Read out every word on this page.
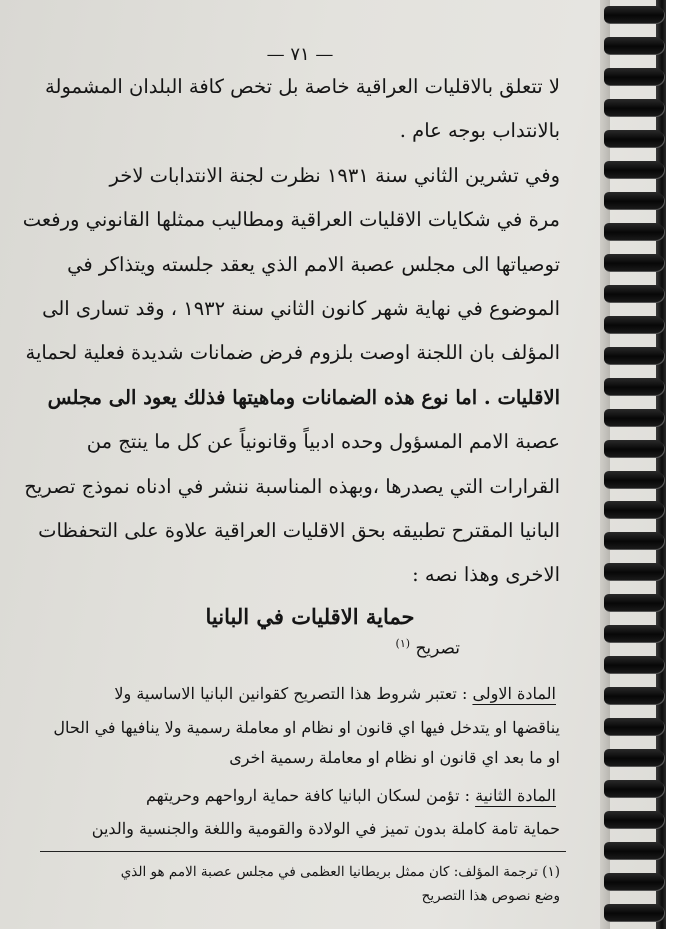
— ٧١ —
لا تتعلق بالاقليات العراقية خاصة بل تخص كافة البلدان المشمولة
بالانتداب بوجه عام .
وفي تشرين الثاني سنة ١٩٣١ نظرت لجنة الانتدابات لاخر
مرة في شكايات الاقليات العراقية ومطاليب ممثلها القانوني ورفعت
توصياتها الى مجلس عصبة الامم الذي يعقد جلسته ويتذاكر في
الموضوع في نهاية شهر كانون الثاني سنة ١٩٣٢ ، وقد تسارى الى
المؤلف بان اللجنة اوصت بلزوم فرض ضمانات شديدة فعلية لحماية
الاقليات . اما نوع هذه الضمانات وماهيتها فذلك يعود الى مجلس
عصبة الامم المسؤول وحده ادبياً وقانونياً عن كل ما ينتج من
القرارات التي يصدرها ،وبهذه المناسبة ننشر في ادناه نموذج تصريح
البانيا المقترح تطبيقه بحق الاقليات العراقية علاوة على التحفظات
الاخرى وهذا نصه :
حماية الاقليات في البانيا
تصريح $^{(١)}$
المادة الاولى : تعتبر شروط هذا التصريح كقوانين البانيا الاساسية ولا
يناقضها او يتدخل فيها اي قانون او نظام او معاملة رسمية ولا ينافيها في الحال
او ما بعد اي قانون او نظام او معاملة رسمية اخرى
المادة الثانية : تؤمن لسكان البانيا كافة حماية ارواحهم وحريتهم
حماية تامة كاملة بدون تميز في الولادة والقومية واللغة والجنسية والدين
(١) ترجمة المؤلف: كان ممثل بريطانيا العظمى في مجلس عصبة الامم هو الذي
وضع نصوص هذا التصريح
